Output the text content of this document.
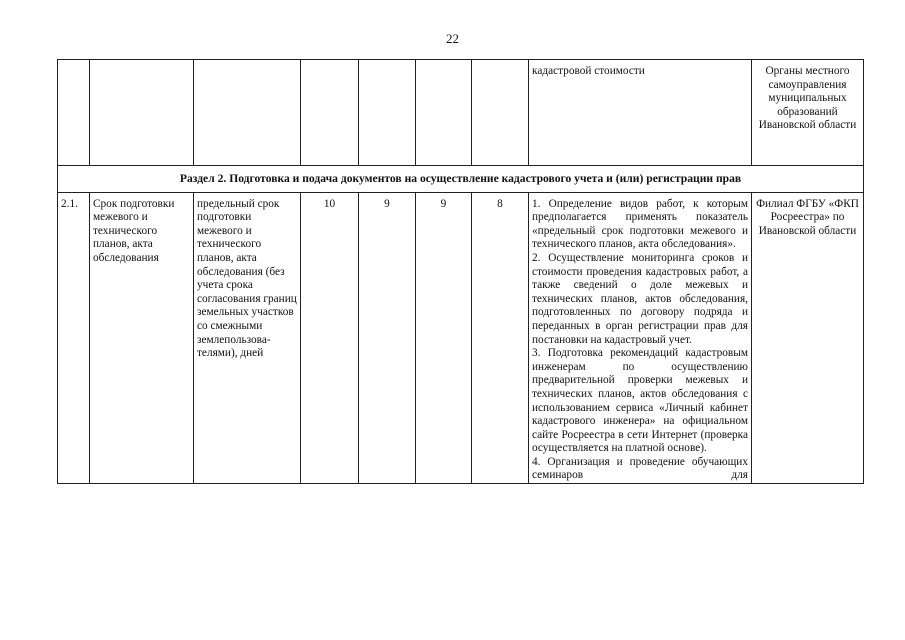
22
							кадастровой стоимости	Органы местного самоуправления муниципальных образований Ивановской области
Раздел 2. Подготовка и подача документов на осуществление кадастрового учета и (или) регистрации прав								
2.1.	Срок подготовки межевого и технического планов, акта обследования	предельный срок подготовки межевого и технического планов, акта обследования (без учета срока согласования границ земельных участков со смежными землепользова-телями), дней	10	9	9	8	1. Определение видов работ, к которым предполагается применять показатель «предельный срок подготовки межевого и технического планов, акта обследования».
2. Осуществление мониторинга сроков и стоимости проведения кадастровых работ, а также сведений о доле межевых и технических планов, актов обследования, подготовленных по договору подряда и переданных в орган регистрации прав для постановки на кадастровый учет.
3. Подготовка рекомендаций кадастровым инженерам по осуществлению предварительной проверки межевых и технических планов, актов обследования с использованием сервиса «Личный кабинет кадастрового инженера» на официальном сайте Росреестра в сети Интернет (проверка осуществляется на платной основе).
4. Организация и проведение обучающих семинаров для	Филиал ФГБУ «ФКП Росреестра» по Ивановской области
